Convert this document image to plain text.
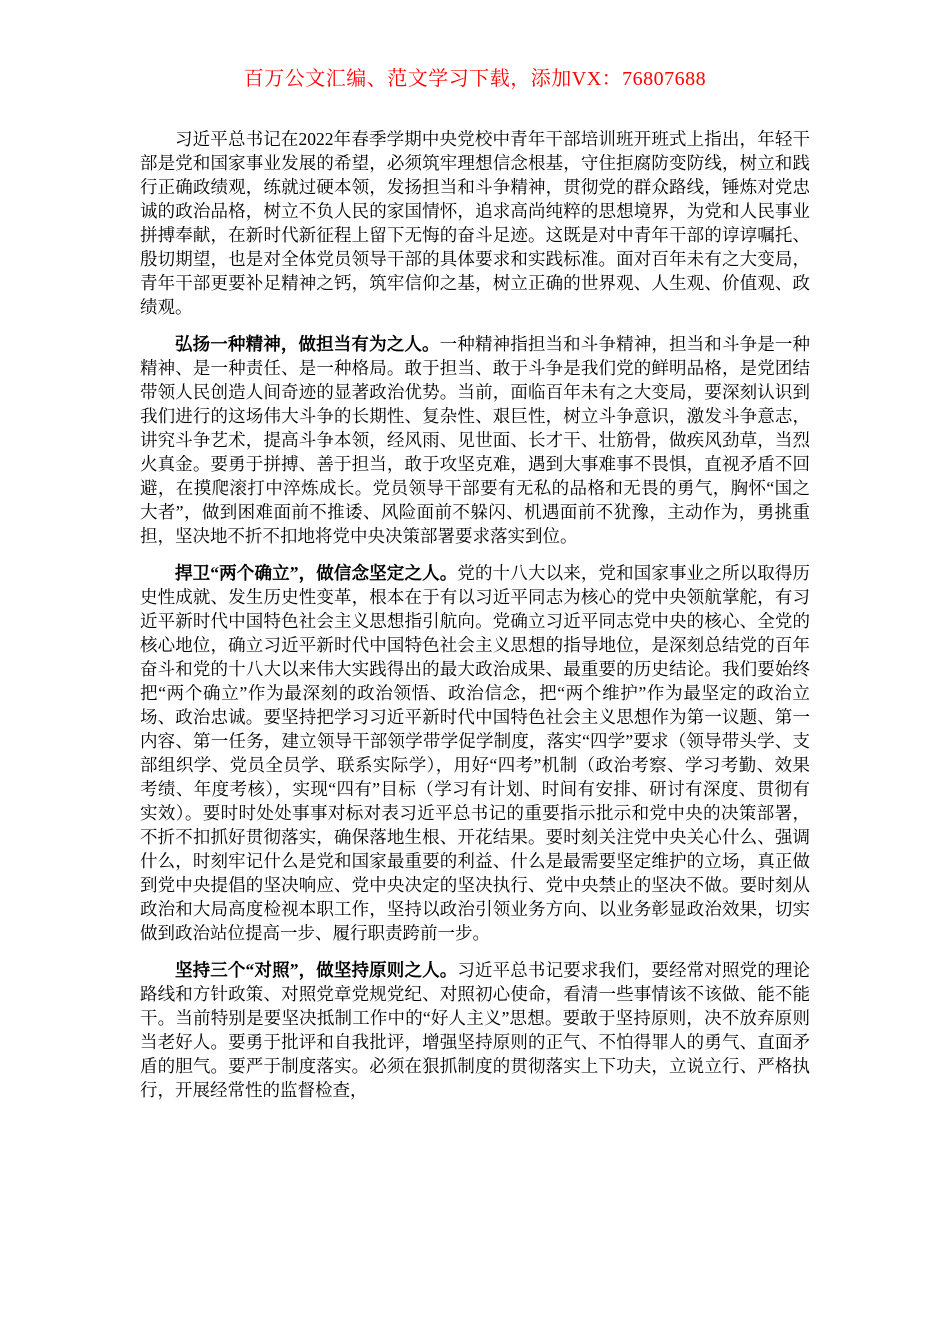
百万公文汇编、范文学习下载，添加VX：76807688

习近平总书记在2022年春季学期中央党校中青年干部培训班开班式上指出，年轻干部是党和国家事业发展的希望，必须筑牢理想信念根基，守住拒腐防变防线，树立和践行正确政绩观，练就过硬本领，发扬担当和斗争精神，贯彻党的群众路线，锤炼对党忠诚的政治品格，树立不负人民的家国情怀，追求高尚纯粹的思想境界，为党和人民事业拼搏奉献，在新时代新征程上留下无悔的奋斗足迹。这既是对中青年干部的谆谆嘱托、殷切期望，也是对全体党员领导干部的具体要求和实践标准。面对百年未有之大变局，青年干部更要补足精神之钙，筑牢信仰之基，树立正确的世界观、人生观、价值观、政绩观。

弘扬一种精神，做担当有为之人。一种精神指担当和斗争精神，担当和斗争是一种精神、是一种责任、是一种格局。敢于担当、敢于斗争是我们党的鲜明品格，是党团结带领人民创造人间奇迹的显著政治优势。当前，面临百年未有之大变局，要深刻认识到我们进行的这场伟大斗争的长期性、复杂性、艰巨性，树立斗争意识，激发斗争意志，讲究斗争艺术，提高斗争本领，经风雨、见世面、长才干、壮筋骨，做疾风劲草，当烈火真金。要勇于拼搏、善于担当，敢于攻坚克难，遇到大事难事不畏惧，直视矛盾不回避，在摸爬滚打中淬炼成长。党员领导干部要有无私的品格和无畏的勇气，胸怀“国之大者”，做到困难面前不推诿、风险面前不躲闪、机遇面前不犹豫，主动作为，勇挑重担，坚决地不折不扣地将党中央决策部署要求落实到位。

捍卫“两个确立”，做信念坚定之人。党的十八大以来，党和国家事业之所以取得历史性成就、发生历史性变革，根本在于有以习近平同志为核心的党中央领航掌舵，有习近平新时代中国特色社会主义思想指引航向。党确立习近平同志党中央的核心、全党的核心地位，确立习近平新时代中国特色社会主义思想的指导地位，是深刻总结党的百年奋斗和党的十八大以来伟大实践得出的最大政治成果、最重要的历史结论。我们要始终把“两个确立”作为最深刻的政治领悟、政治信念，把“两个维护”作为最坚定的政治立场、政治忠诚。要坚持把学习习近平新时代中国特色社会主义思想作为第一议题、第一内容、第一任务，建立领导干部领学带学促学制度，落实“四学”要求（领导带头学、支部组织学、党员全员学、联系实际学），用好“四考”机制（政治考察、学习考勤、效果考绩、年度考核），实现“四有”目标（学习有计划、时间有安排、研讨有深度、贯彻有实效）。要时时处处事事对标对表习近平总书记的重要指示批示和党中央的决策部署，不折不扣抓好贯彻落实，确保落地生根、开花结果。要时刻关注党中央关心什么、强调什么，时刻牢记什么是党和国家最重要的利益、什么是最需要坚定维护的立场，真正做到党中央提倡的坚决响应、党中央决定的坚决执行、党中央禁止的坚决不做。要时刻从政治和大局高度检视本职工作，坚持以政治引领业务方向、以业务彰显政治效果，切实做到政治站位提高一步、履行职责跨前一步。

坚持三个“对照”，做坚持原则之人。习近平总书记要求我们，要经常对照党的理论路线和方针政策、对照党章党规党纪、对照初心使命，看清一些事情该不该做、能不能干。当前特别是要坚决抵制工作中的“好人主义”思想。要敢于坚持原则，决不放弃原则当老好人。要勇于批评和自我批评，增强坚持原则的正气、不怕得罪人的勇气、直面矛盾的胆气。要严于制度落实。必须在狠抓制度的贯彻落实上下功夫，立说立行、严格执行，开展经常性的监督检查，
